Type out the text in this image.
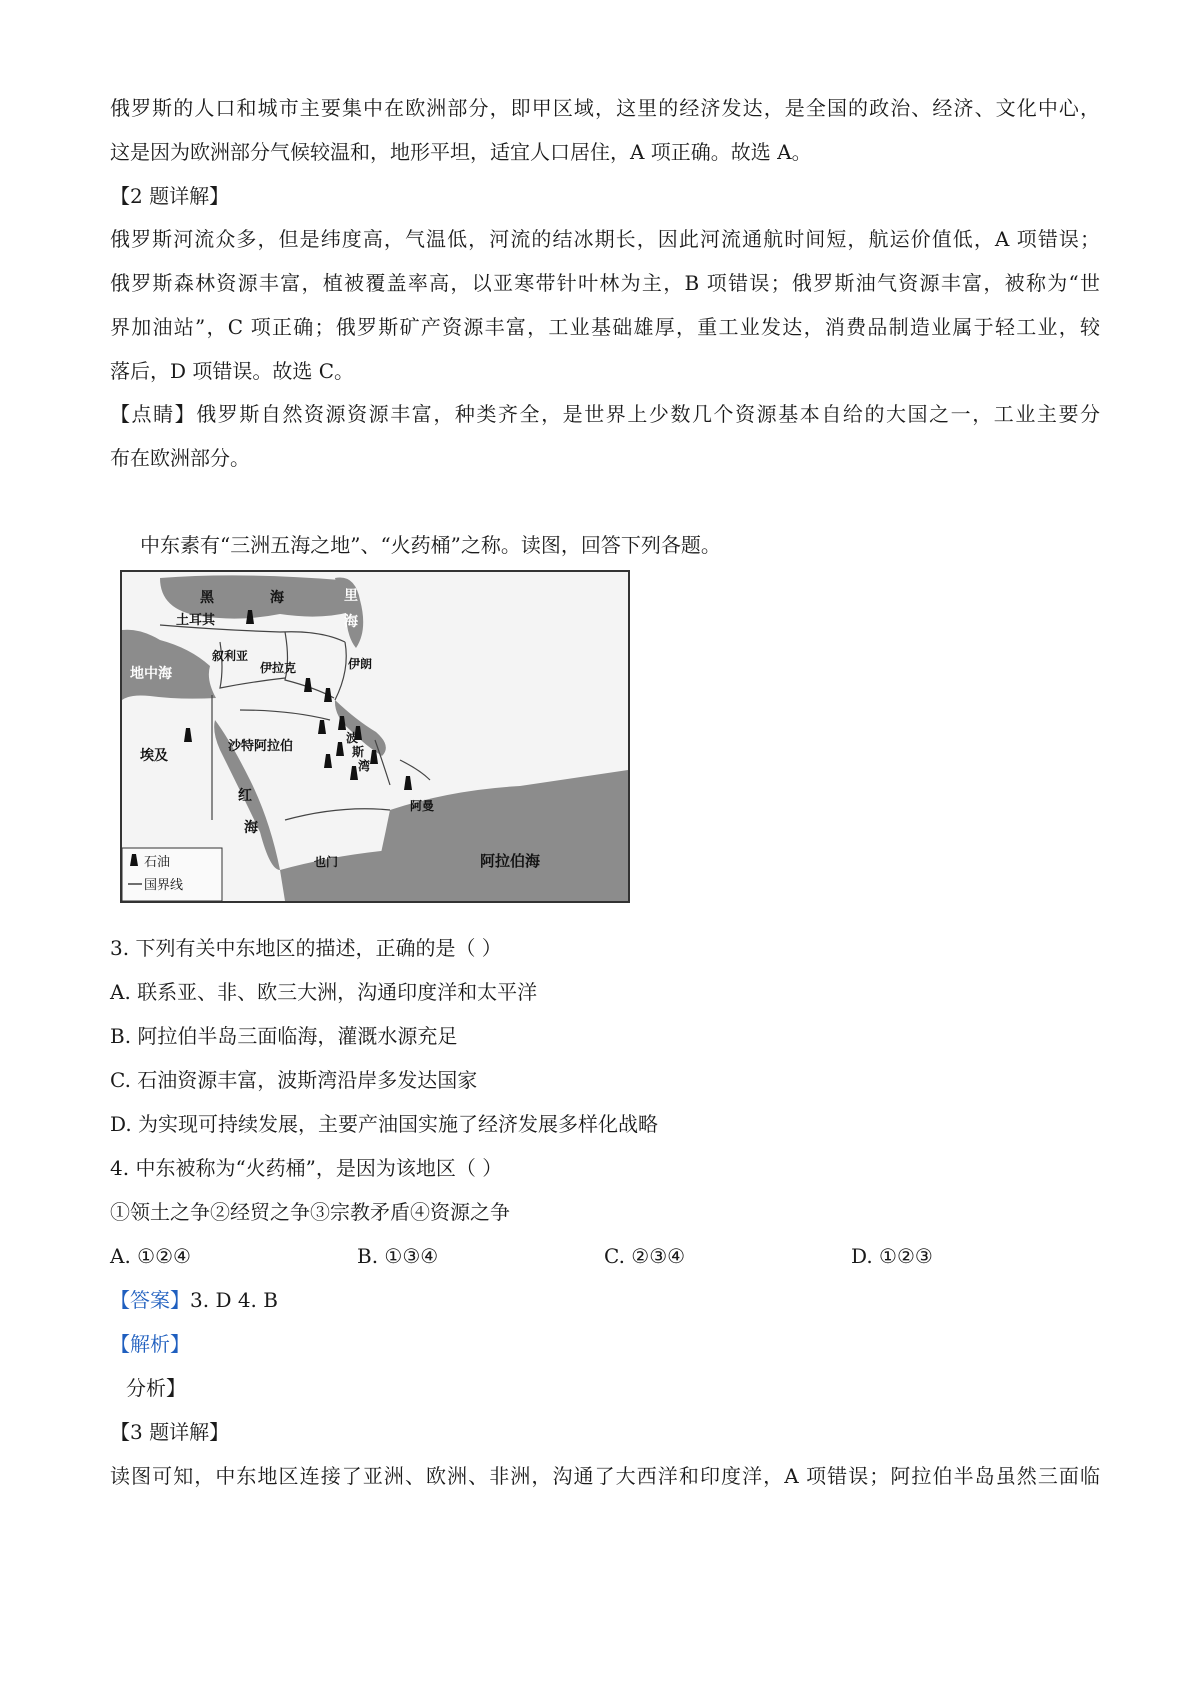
俄罗斯的人口和城市主要集中在欧洲部分，即甲区域，这里的经济发达，是全国的政治、经济、文化中心，
这是因为欧洲部分气候较温和，地形平坦，适宜人口居住，A 项正确。故选 A。
【2 题详解】
俄罗斯河流众多，但是纬度高，气温低，河流的结冰期长，因此河流通航时间短，航运价值低，A 项错误；
俄罗斯森林资源丰富，植被覆盖率高，以亚寒带针叶林为主，B 项错误；俄罗斯油气资源丰富，被称为“世
界加油站”，C 项正确；俄罗斯矿产资源丰富，工业基础雄厚，重工业发达，消费品制造业属于轻工业，较
落后，D 项错误。故选 C。
【点睛】俄罗斯自然资源资源丰富，种类齐全，是世界上少数几个资源基本自给的大国之一，工业主要分
布在欧洲部分。
中东素有“三洲五海之地”、“火药桶”之称。读图，回答下列各题。
黑	海	里
海
土耳其
叙利亚
伊拉克	伊朗
地中海
埃及
沙特阿拉伯
波
斯
湾
红
海
阿曼
也门	阿拉伯海
石油
国界线
3. 下列有关中东地区的描述，正确的是（ ）
A. 联系亚、非、欧三大洲，沟通印度洋和太平洋
B. 阿拉伯半岛三面临海，灌溉水源充足
C. 石油资源丰富，波斯湾沿岸多发达国家
D. 为实现可持续发展，主要产油国实施了经济发展多样化战略
4. 中东被称为“火药桶”，是因为该地区（ ）
①领土之争②经贸之争③宗教矛盾④资源之争
A. ①②④	B. ①③④	C. ②③④	D. ①②③
【答案】3. D 4. B
【解析】
分析】
【3 题详解】
读图可知，中东地区连接了亚洲、欧洲、非洲，沟通了大西洋和印度洋，A 项错误；阿拉伯半岛虽然三面临
